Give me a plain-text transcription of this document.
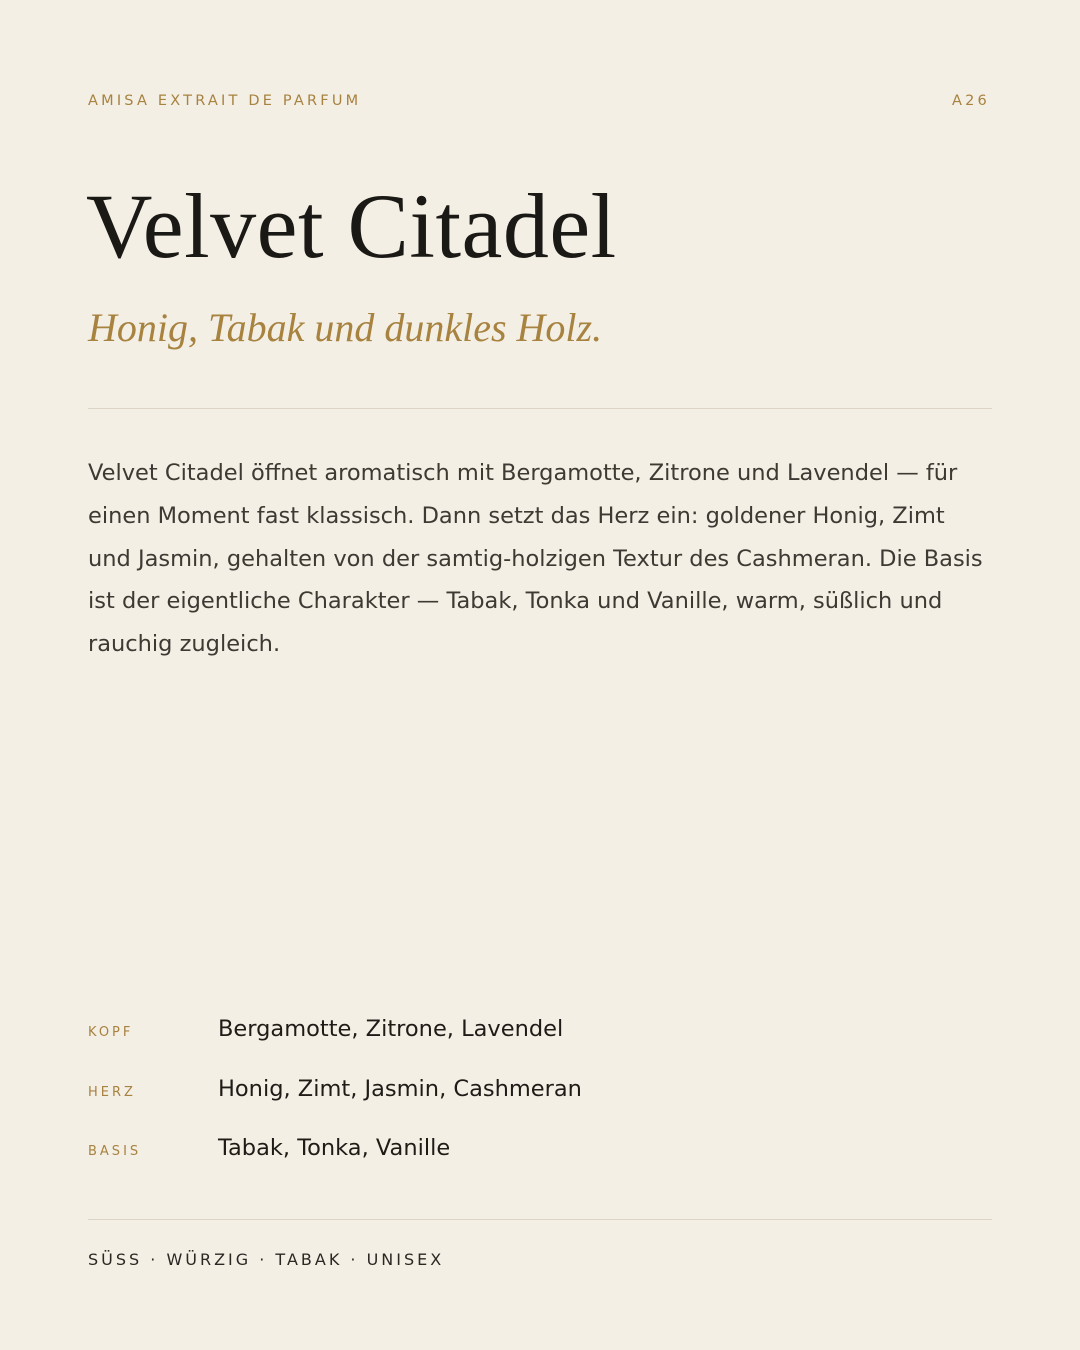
AMISA EXTRAIT DE PARFUM	A26
Velvet Citadel

Honig, Tabak und dunkles Holz.

Velvet Citadel öffnet aromatisch mit Bergamotte, Zitrone und Lavendel — für einen Moment fast klassisch. Dann setzt das Herz ein: goldener Honig, Zimt und Jasmin, gehalten von der samtig-holzigen Textur des Cashmeran. Die Basis ist der eigentliche Charakter — Tabak, Tonka und Vanille, warm, süßlich und rauchig zugleich.

KOPF	Bergamotte, Zitrone, Lavendel
HERZ	Honig, Zimt, Jasmin, Cashmeran
BASIS	Tabak, Tonka, Vanille
SÜSS · WÜRZIG · TABAK · UNISEX
